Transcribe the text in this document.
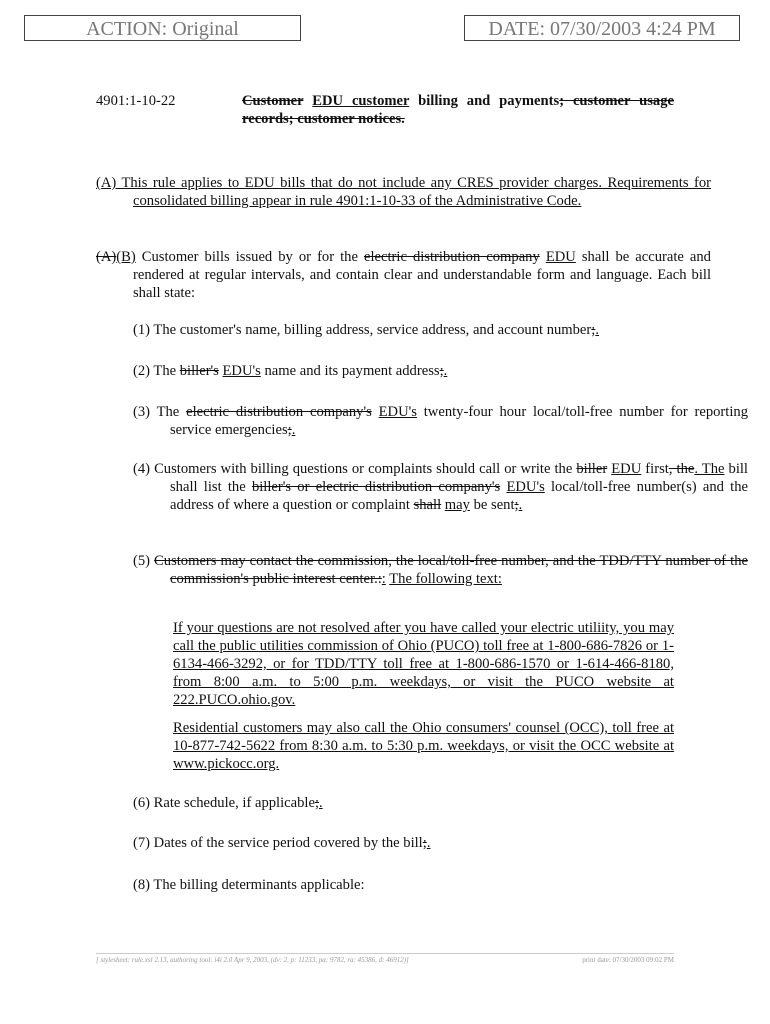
ACTION: Original	DATE: 07/30/2003 4:24 PM
4901:1-10-22	Customer EDU customer billing and payments; customer usage records; customer notices.
(A) This rule applies to EDU bills that do not include any CRES provider charges. Requirements for consolidated billing appear in rule 4901:1-10-33 of the Administrative Code.
(A)(B) Customer bills issued by or for the electric distribution company EDU shall be accurate and rendered at regular intervals, and contain clear and understandable form and language. Each bill shall state:
(1) The customer's name, billing address, service address, and account number;.
(2) The biller's EDU's name and its payment address;.
(3) The electric distribution company's EDU's twenty-four hour local/toll-free number for reporting service emergencies;.
(4) Customers with billing questions or complaints should call or write the biller EDU first, the. The bill shall list the biller's or electric distribution company's EDU's local/toll-free number(s) and the address of where a question or complaint shall may be sent;.
(5) Customers may contact the commission, the local/toll-free number, and the TDD/TTY number of the commission's public interest center.:: The following text:
If your questions are not resolved after you have called your electric utiliity, you may call the public utilities commission of Ohio (PUCO) toll free at 1-800-686-7826 or 1-6134-466-3292, or for TDD/TTY toll free at 1-800-686-1570 or 1-614-466-8180, from 8:00 a.m. to 5:00 p.m. weekdays, or visit the PUCO website at 222.PUCO.ohio.gov.
Residential customers may also call the Ohio consumers' counsel (OCC), toll free at 10-877-742-5622 from 8:30 a.m. to 5:30 p.m. weekdays, or visit the OCC website at www.pickocc.org.
(6) Rate schedule, if applicable;.
(7) Dates of the service period covered by the bill;.
(8) The billing determinants applicable:
[ stylesheet: rule.xsl 2.13, authoring tool: i4i 2.0 Apr 9, 2003, (dv: 2, p: 11233, pa: 9782, ra: 45386, d: 46912)]	print date: 07/30/2003 09:02 PM
